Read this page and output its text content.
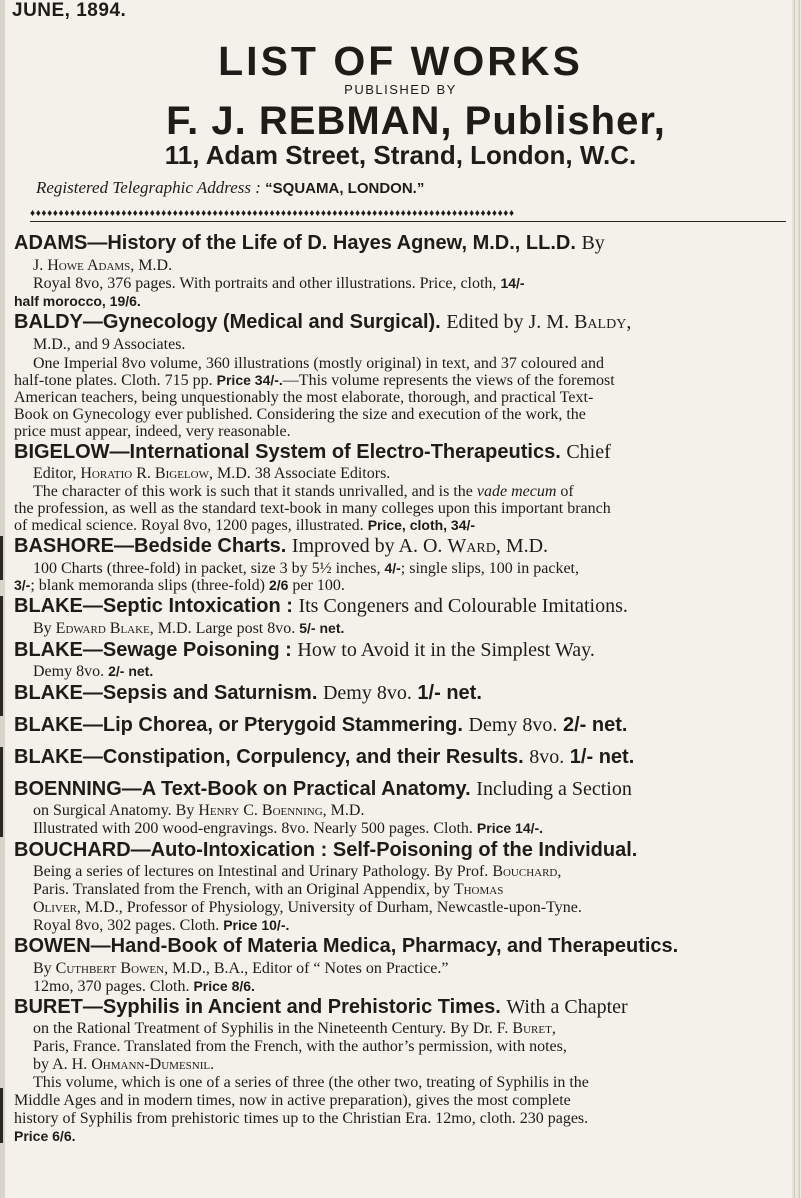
JUNE, 1894.
LIST OF WORKS
PUBLISHED BY
F. J. REBMAN, Publisher,
11, Adam Street, Strand, London, W.C.
Registered Telegraphic Address : “SQUAMA, LONDON.”
♦♦♦♦♦♦♦♦♦♦♦♦♦♦♦♦♦♦♦♦♦♦♦♦♦♦♦♦♦♦♦♦♦♦♦♦♦♦♦♦♦♦♦♦♦♦♦♦♦♦♦♦♦♦♦♦♦♦♦♦♦♦♦♦♦♦♦♦♦♦♦♦♦♦♦♦♦♦♦♦♦♦♦♦♦
ADAMS—History of the Life of D. Hayes Agnew, M.D., LL.D. By
J. Howe Adams, M.D.
Royal 8vo, 376 pages. With portraits and other illustrations. Price, cloth, 14/-
half morocco, 19/6.
BALDY—Gynecology (Medical and Surgical). Edited by J. M. Baldy,
M.D., and 9 Associates.
One Imperial 8vo volume, 360 illustrations (mostly original) in text, and 37 coloured and
half-tone plates. Cloth. 715 pp. Price 34/-.—This volume represents the views of the foremost
American teachers, being unquestionably the most elaborate, thorough, and practical Text-
Book on Gynecology ever published. Considering the size and execution of the work, the
price must appear, indeed, very reasonable.
BIGELOW—International System of Electro-Therapeutics. Chief
Editor, Horatio R. Bigelow, M.D. 38 Associate Editors.
The character of this work is such that it stands unrivalled, and is the vade mecum of
the profession, as well as the standard text-book in many colleges upon this important branch
of medical science. Royal 8vo, 1200 pages, illustrated. Price, cloth, 34/-
BASHORE—Bedside Charts. Improved by A. O. Ward, M.D.
100 Charts (three-fold) in packet, size 3 by 5½ inches, 4/-; single slips, 100 in packet,
3/-; blank memoranda slips (three-fold) 2/6 per 100.
BLAKE—Septic Intoxication : Its Congeners and Colourable Imitations.
By Edward Blake, M.D. Large post 8vo. 5/- net.
BLAKE—Sewage Poisoning : How to Avoid it in the Simplest Way.
Demy 8vo. 2/- net.
BLAKE—Sepsis and Saturnism. Demy 8vo. 1/- net.
BLAKE—Lip Chorea, or Pterygoid Stammering. Demy 8vo. 2/- net.
BLAKE—Constipation, Corpulency, and their Results. 8vo. 1/- net.
BOENNING—A Text-Book on Practical Anatomy. Including a Section
on Surgical Anatomy. By Henry C. Boenning, M.D.
Illustrated with 200 wood-engravings. 8vo. Nearly 500 pages. Cloth. Price 14/-.
BOUCHARD—Auto-Intoxication : Self-Poisoning of the Individual.
Being a series of lectures on Intestinal and Urinary Pathology. By Prof. Bouchard,
Paris. Translated from the French, with an Original Appendix, by Thomas
Oliver, M.D., Professor of Physiology, University of Durham, Newcastle-upon-Tyne.
Royal 8vo, 302 pages. Cloth. Price 10/-.
BOWEN—Hand-Book of Materia Medica, Pharmacy, and Therapeutics.
By Cuthbert Bowen, M.D., B.A., Editor of “ Notes on Practice.”
12mo, 370 pages. Cloth. Price 8/6.
BURET—Syphilis in Ancient and Prehistoric Times. With a Chapter
on the Rational Treatment of Syphilis in the Nineteenth Century. By Dr. F. Buret,
Paris, France. Translated from the French, with the author’s permission, with notes,
by A. H. Ohmann-Dumesnil.
This volume, which is one of a series of three (the other two, treating of Syphilis in the
Middle Ages and in modern times, now in active preparation), gives the most complete
history of Syphilis from prehistoric times up to the Christian Era. 12mo, cloth. 230 pages.
Price 6/6.
